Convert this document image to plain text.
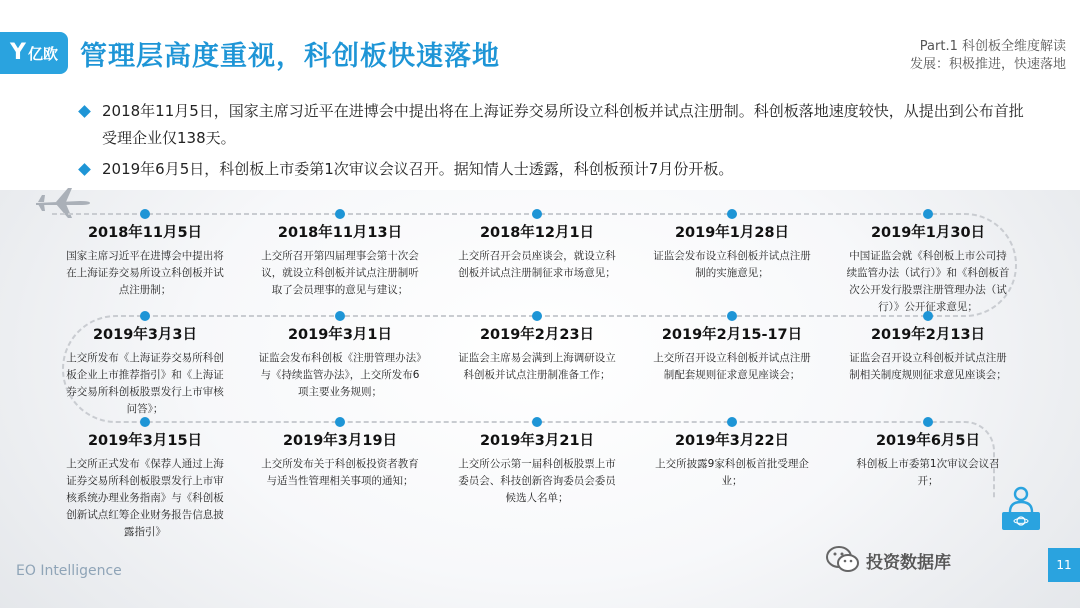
Y 亿欧 管理层高度重视，科创板快速落地	Part.1 科创板全维度解读
发展：积极推进，快速落地
2018年11月5日，国家主席习近平在进博会中提出将在上海证券交易所设立科创板并试点注册制。科创板落地速度较快，从提出到公布首批受理企业仅138天。
2019年6月5日，科创板上市委第1次审议会议召开。据知情人士透露，科创板预计7月份开板。
2018年11月5日
国家主席习近平在进博会中提出将在上海证券交易所设立科创板并试点注册制；
2018年11月13日
上交所召开第四届理事会第十次会议，就设立科创板并试点注册制听取了会员理事的意见与建议；
2018年12月1日
上交所召开会员座谈会，就设立科创板并试点注册制征求市场意见；
2019年1月28日
证监会发布设立科创板并试点注册制的实施意见；
2019年1月30日
中国证监会就《科创板上市公司持续监管办法（试行）》和《科创板首次公开发行股票注册管理办法（试行）》公开征求意见；
2019年2月13日
证监会召开设立科创板并试点注册制相关制度规则征求意见座谈会；
2019年2月15-17日
上交所召开设立科创板并试点注册制配套规则征求意见座谈会；
2019年2月23日
证监会主席易会满到上海调研设立科创板并试点注册制准备工作；
2019年3月1日
证监会发布科创板《注册管理办法》与《持续监管办法》，上交所发布6项主要业务规则；
2019年3月3日
上交所发布《上海证券交易所科创板企业上市推荐指引》和《上海证券交易所科创板股票发行上市审核问答》；
2019年3月15日
上交所正式发布《保荐人通过上海证券交易所科创板股票发行上市审核系统办理业务指南》与《科创板创新试点红筹企业财务报告信息披露指引》
2019年3月19日
上交所发布关于科创板投资者教育与适当性管理相关事项的通知；
2019年3月21日
上交所公示第一届科创板股票上市委员会、科技创新咨询委员会委员候选人名单；
2019年3月22日
上交所披露9家科创板首批受理企业；
2019年6月5日
科创板上市委第1次审议会议召开；
EO Intelligence	投资数据库	11
